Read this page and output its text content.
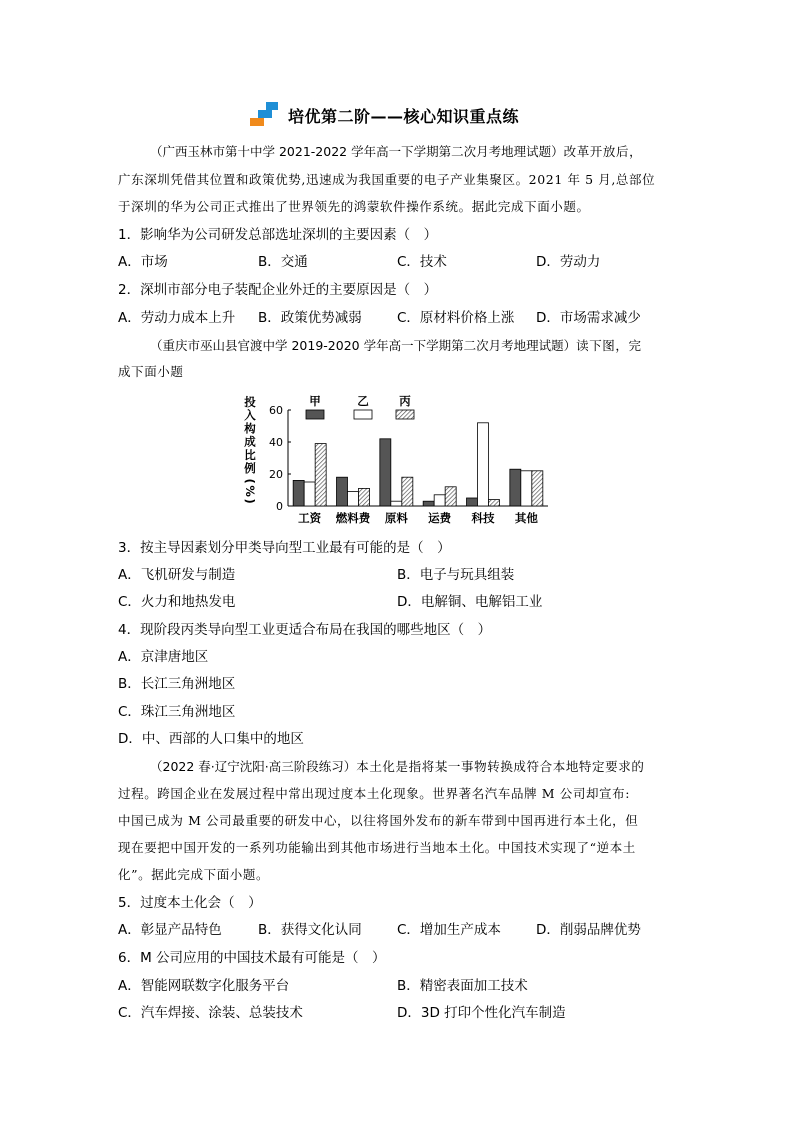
培优第二阶——核心知识重点练
（广西玉林市第十中学 2021-2022 学年高一下学期第二次月考地理试题）改革开放后，
广东深圳凭借其位置和政策优势,迅速成为我国重要的电子产业集聚区。2021 年 5 月,总部位
于深圳的华为公司正式推出了世界领先的鸿蒙软件操作系统。据此完成下面小题。
1．影响华为公司研发总部选址深圳的主要因素（　）
A．市场	B．交通	C．技术	D．劳动力
2．深圳市部分电子装配企业外迁的主要原因是（　）
A．劳动力成本上升 B．政策优势减弱	C．原材料价格上涨 D．市场需求减少
（重庆市巫山县官渡中学 2019-2020 学年高一下学期第二次月考地理试题）读下图，完
成下面小题
甲	乙	丙
0
20
40
60
投
入
构
成
比
例
(
%
)
工资 燃料费 原料 运费 科技 其他
3．按主导因素划分甲类导向型工业最有可能的是（　）
A．飞机研发与制造	B．电子与玩具组装
C．火力和地热发电	D．电解铜、电解铝工业
4．现阶段丙类导向型工业更适合布局在我国的哪些地区（　）
A．京津唐地区
B．长江三角洲地区
C．珠江三角洲地区
D．中、西部的人口集中的地区
（2022 春·辽宁沈阳·高三阶段练习）本土化是指将某一事物转换成符合本地特定要求的
过程。跨国企业在发展过程中常出现过度本土化现象。世界著名汽车品牌 M 公司却宣布:
中国已成为 M 公司最重要的研发中心，以往将国外发布的新车带到中国再进行本土化，但
现在要把中国开发的一系列功能输出到其他市场进行当地本土化。中国技术实现了“逆本土
化”。据此完成下面小题。
5．过度本土化会（　）
A．彰显产品特色	B．获得文化认同	C．增加生产成本	D．削弱品牌优势
6．M 公司应用的中国技术最有可能是（　）
A．智能网联数字化服务平台	B．精密表面加工技术
C．汽车焊接、涂装、总装技术	D．3D 打印个性化汽车制造
